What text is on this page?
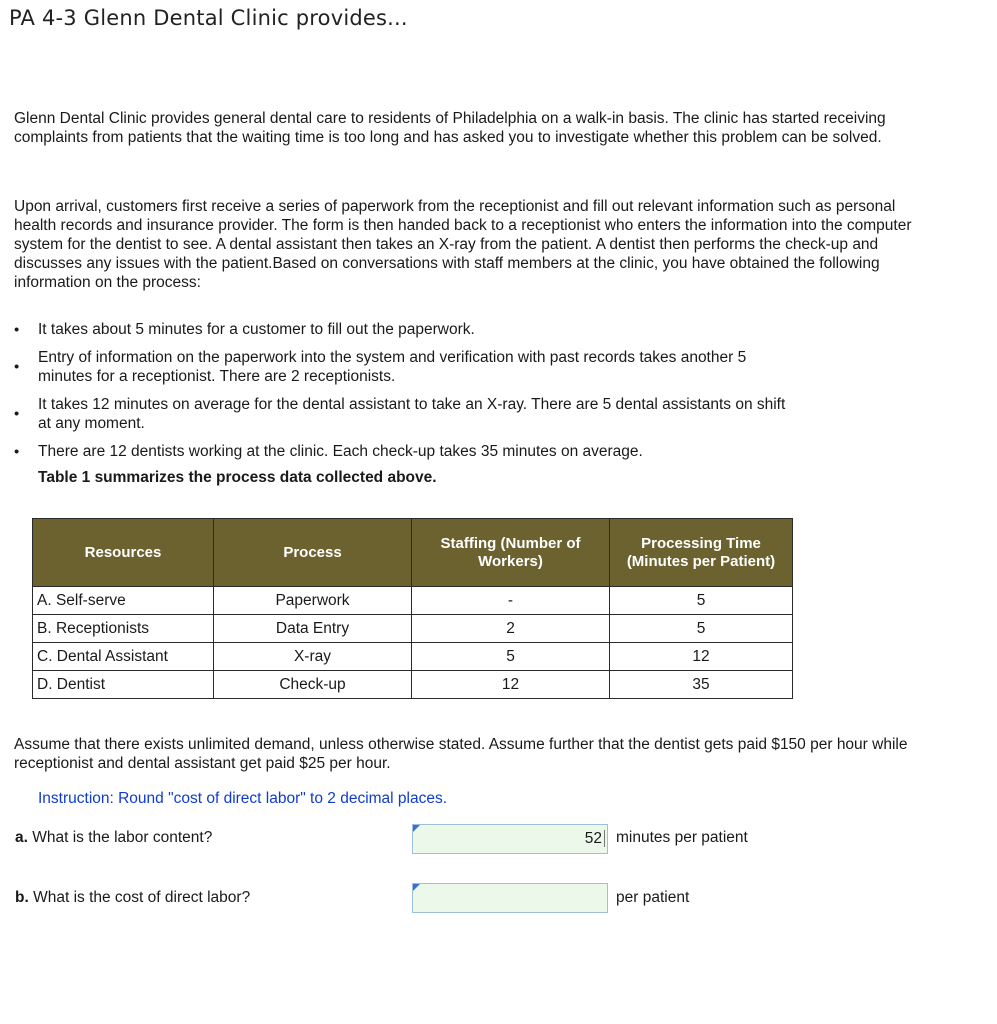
PA 4-3 Glenn Dental Clinic provides...

Glenn Dental Clinic provides general dental care to residents of Philadelphia on a walk-in basis. The clinic has started receiving complaints from patients that the waiting time is too long and has asked you to investigate whether this problem can be solved.

Upon arrival, customers first receive a series of paperwork from the receptionist and fill out relevant information such as personal health records and insurance provider. The form is then handed back to a receptionist who enters the information into the computer system for the dentist to see. A dental assistant then takes an X-ray from the patient. A dentist then performs the check-up and discusses any issues with the patient.Based on conversations with staff members at the clinic, you have obtained the following information on the process:

• It takes about 5 minutes for a customer to fill out the paperwork.
• Entry of information on the paperwork into the system and verification with past records takes another 5 minutes for a receptionist. There are 2 receptionists.
• It takes 12 minutes on average for the dental assistant to take an X-ray. There are 5 dental assistants on shift at any moment.
• There are 12 dentists working at the clinic. Each check-up takes 35 minutes on average.

Table 1 summarizes the process data collected above.

Resources	Process	Staffing (Number of Workers)	Processing Time (Minutes per Patient)
A. Self-serve	Paperwork	-	5
B. Receptionists	Data Entry	2	5
C. Dental Assistant	X-ray	5	12
D. Dentist	Check-up	12	35

Assume that there exists unlimited demand, unless otherwise stated. Assume further that the dentist gets paid $150 per hour while receptionist and dental assistant get paid $25 per hour.

Instruction: Round "cost of direct labor" to 2 decimal places.

a. What is the labor content?	52 minutes per patient
b. What is the cost of direct labor?	per patient
